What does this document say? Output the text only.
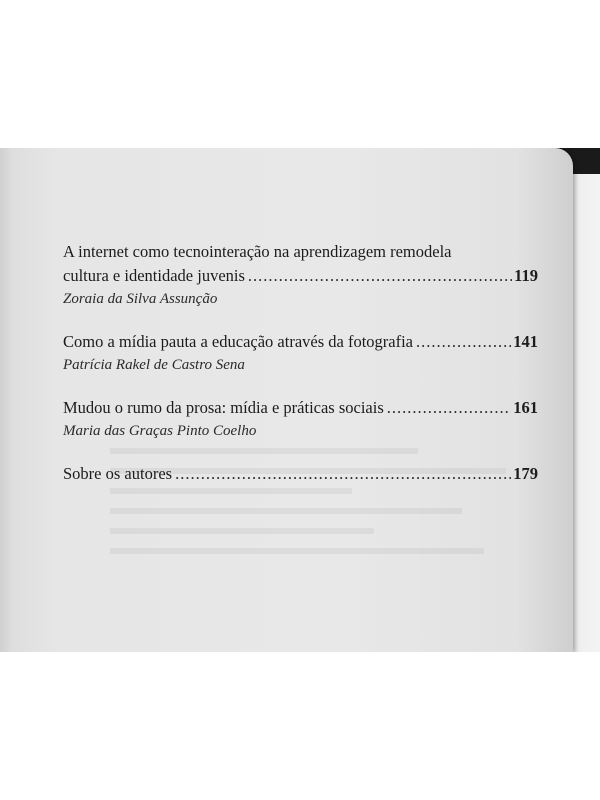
A internet como tecnointeração na aprendizagem remodela
cultura e identidade juvenis .....	119
Zoraia da Silva Assunção
Como a mídia pauta a educação através da fotografia .....	141
Patrícia Rakel de Castro Sena
Mudou o rumo da prosa: mídia e práticas sociais .....	161
Maria das Graças Pinto Coelho
Sobre os autores .....	179
